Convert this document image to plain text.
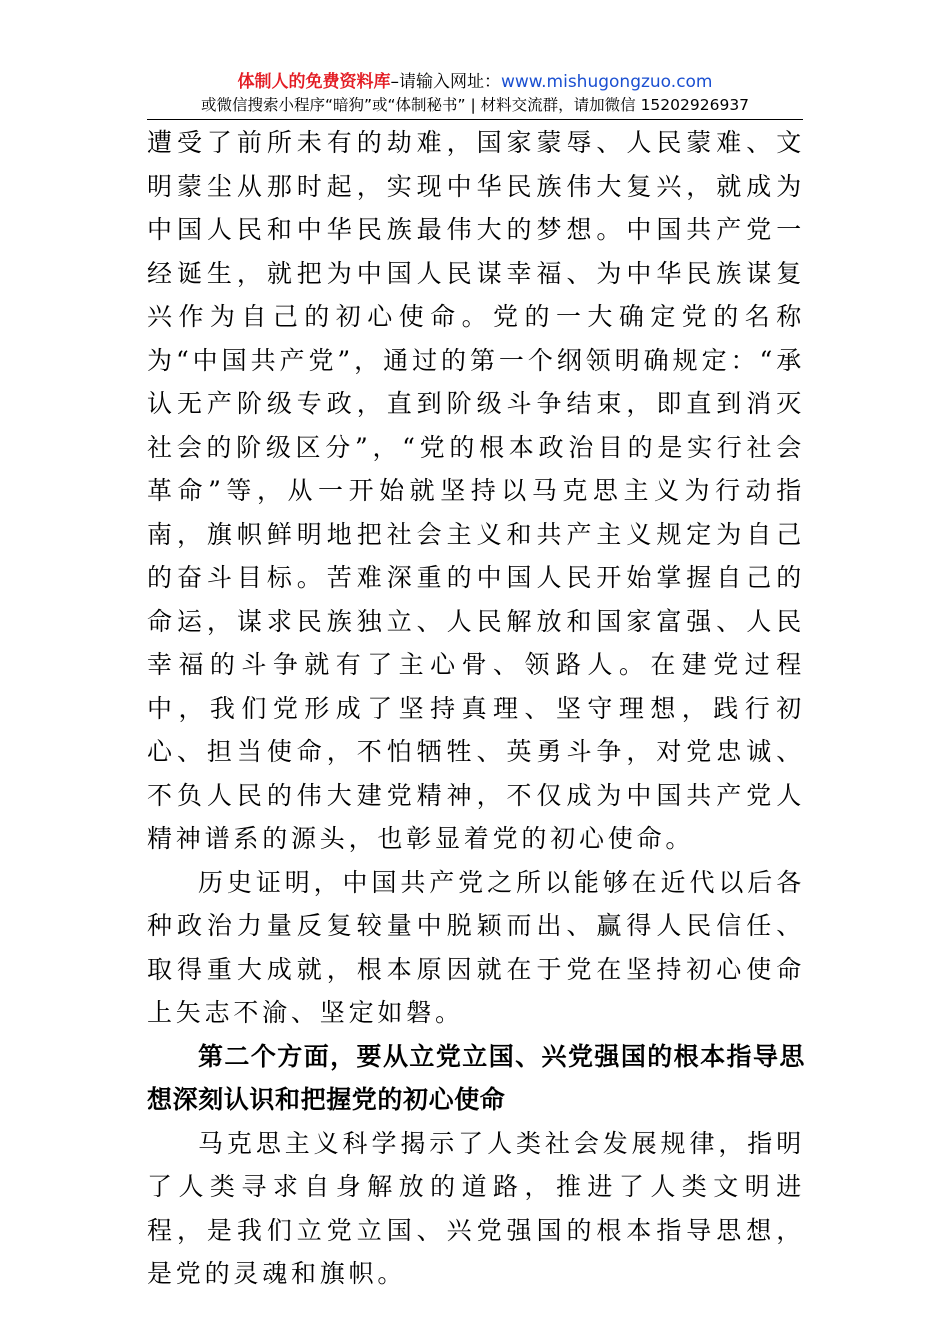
体制人的免费资料库–请输入网址：www.mishugongzuo.com
或微信搜索小程序“暗狗”或“体制秘书” | 材料交流群，请加微信 15202926937

遭受了前所未有的劫难，国家蒙辱、人民蒙难、文明蒙尘从那时起，实现中华民族伟大复兴，就成为中国人民和中华民族最伟大的梦想。中国共产党一经诞生，就把为中国人民谋幸福、为中华民族谋复兴作为自己的初心使命。党的一大确定党的名称为“中国共产党”，通过的第一个纲领明确规定：“承认无产阶级专政，直到阶级斗争结束，即直到消灭社会的阶级区分”，“党的根本政治目的是实行社会革命”等，从一开始就坚持以马克思主义为行动指南，旗帜鲜明地把社会主义和共产主义规定为自己的奋斗目标。苦难深重的中国人民开始掌握自己的命运，谋求民族独立、人民解放和国家富强、人民幸福的斗争就有了主心骨、领路人。在建党过程中，我们党形成了坚持真理、坚守理想，践行初心、担当使命，不怕牺牲、英勇斗争，对党忠诚、不负人民的伟大建党精神，不仅成为中国共产党人精神谱系的源头，也彰显着党的初心使命。

历史证明，中国共产党之所以能够在近代以后各种政治力量反复较量中脱颖而出、赢得人民信任、取得重大成就，根本原因就在于党在坚持初心使命上矢志不渝、坚定如磐。

第二个方面，要从立党立国、兴党强国的根本指导思想深刻认识和把握党的初心使命

马克思主义科学揭示了人类社会发展规律，指明了人类寻求自身解放的道路，推进了人类文明进程，是我们立党立国、兴党强国的根本指导思想，是党的灵魂和旗帜。
